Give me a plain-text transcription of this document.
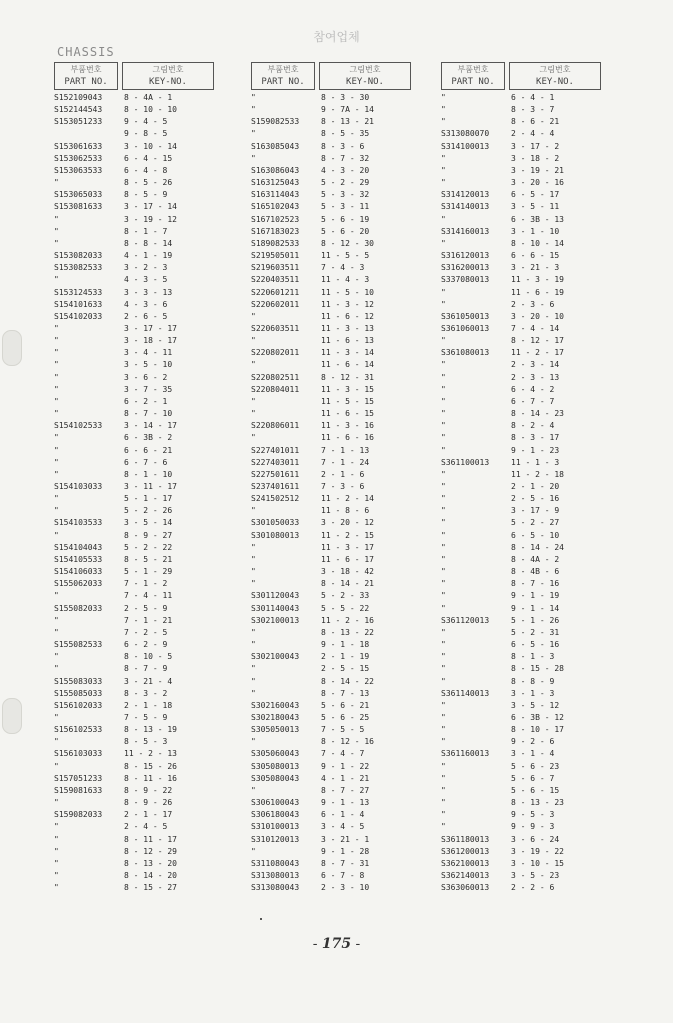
참여업체
CHASSIS
부품번호
PART NO.
그림번호
KEY-NO.
S152109043	8 - 4A - 1
S152144543	8 - 10 - 10
S153051233	9 - 4 - 5
9 - 8 - 5
S153061633	3 - 10 - 14
S153062533	6 - 4 - 15
S153063533	6 - 4 - 8
"	8 - 5 - 26
S153065033	8 - 5 - 9
S153081633	3 - 17 - 14
"	3 - 19 - 12
"	8 - 1 - 7
"	8 - 8 - 14
S153082033	4 - 1 - 19
S153082533	3 - 2 - 3
"	4 - 3 - 5
S153124533	3 - 3 - 13
S154101633	4 - 3 - 6
S154102033	2 - 6 - 5
"	3 - 17 - 17
"	3 - 18 - 17
"	3 - 4 - 11
"	3 - 5 - 10
"	3 - 6 - 2
"	3 - 7 - 35
"	6 - 2 - 1
"	8 - 7 - 10
S154102533	3 - 14 - 17
"	6 - 3B - 2
"	6 - 6 - 21
"	6 - 7 - 6
"	8 - 1 - 10
S154103033	3 - 11 - 17
"	5 - 1 - 17
"	5 - 2 - 26
S154103533	3 - 5 - 14
"	8 - 9 - 27
S154104043	5 - 2 - 22
S154105533	8 - 5 - 21
S154106033	5 - 1 - 29
S155062033	7 - 1 - 2
"	7 - 4 - 11
S155082033	2 - 5 - 9
"	7 - 1 - 21
"	7 - 2 - 5
S155082533	6 - 2 - 9
"	8 - 10 - 5
"	8 - 7 - 9
S155083033	3 - 21 - 4
S155085033	8 - 3 - 2
S156102033	2 - 1 - 18
"	7 - 5 - 9
S156102533	8 - 13 - 19
"	8 - 5 - 3
S156103033	11 - 2 - 13
"	8 - 15 - 26
S157051233	8 - 11 - 16
S159081633	8 - 9 - 22
"	8 - 9 - 26
S159082033	2 - 1 - 17
"	2 - 4 - 5
"	8 - 11 - 17
"	8 - 12 - 29
"	8 - 13 - 20
"	8 - 14 - 20
"	8 - 15 - 27
부품번호
PART NO.
그림번호
KEY-NO.
"	8 - 3 - 30
"	9 - 7A - 14
S159082533	8 - 13 - 21
"	8 - 5 - 35
S163085043	8 - 3 - 6
"	8 - 7 - 32
S163086043	4 - 3 - 20
S163125043	5 - 2 - 29
S163114043	5 - 3 - 32
S165102043	5 - 3 - 11
S167102523	5 - 6 - 19
S167183023	5 - 6 - 20
S189082533	8 - 12 - 30
S219505011	11 - 5 - 5
S219603511	7 - 4 - 3
S220403511	11 - 4 - 3
S220601211	11 - 5 - 10
S220602011	11 - 3 - 12
"	11 - 6 - 12
S220603511	11 - 3 - 13
"	11 - 6 - 13
S220802011	11 - 3 - 14
"	11 - 6 - 14
S220802511	8 - 12 - 31
S220804011	11 - 3 - 15
"	11 - 5 - 15
"	11 - 6 - 15
S220806011	11 - 3 - 16
"	11 - 6 - 16
S227401011	7 - 1 - 13
S227403011	7 - 1 - 24
S227501611	2 - 1 - 6
S237401611	7 - 3 - 6
S241502512	11 - 2 - 14
"	11 - 8 - 6
S301050033	3 - 20 - 12
S301080013	11 - 2 - 15
"	11 - 3 - 17
"	11 - 6 - 17
"	3 - 18 - 42
"	8 - 14 - 21
S301120043	5 - 2 - 33
S301140043	5 - 5 - 22
S302100013	11 - 2 - 16
"	8 - 13 - 22
"	9 - 1 - 18
S302100043	2 - 1 - 19
"	2 - 5 - 15
"	8 - 14 - 22
"	8 - 7 - 13
S302160043	5 - 6 - 21
S302180043	5 - 6 - 25
S305050013	7 - 5 - 5
"	8 - 12 - 16
S305060043	7 - 4 - 7
S305080013	9 - 1 - 22
S305080043	4 - 1 - 21
"	8 - 7 - 27
S306100043	9 - 1 - 13
S306180043	6 - 1 - 4
S310100013	3 - 4 - 5
S310120013	3 - 21 - 1
"	9 - 1 - 28
S311080043	8 - 7 - 31
S313080013	6 - 7 - 8
S313080043	2 - 3 - 10
부품번호
PART NO.
그림번호
KEY-NO.
"	6 - 4 - 1
"	8 - 3 - 7
"	8 - 6 - 21
S313080070	2 - 4 - 4
S314100013	3 - 17 - 2
"	3 - 18 - 2
"	3 - 19 - 21
"	3 - 20 - 16
S314120013	6 - 5 - 17
S314140013	3 - 5 - 11
"	6 - 3B - 13
S314160013	3 - 1 - 10
"	8 - 10 - 14
S316120013	6 - 6 - 15
S316200013	3 - 21 - 3
S337080013	11 - 3 - 19
"	11 - 6 - 19
"	2 - 3 - 6
S361050013	3 - 20 - 10
S361060013	7 - 4 - 14
"	8 - 12 - 17
S361080013	11 - 2 - 17
"	2 - 3 - 14
"	2 - 3 - 13
"	6 - 4 - 2
"	6 - 7 - 7
"	8 - 14 - 23
"	8 - 2 - 4
"	8 - 3 - 17
"	9 - 1 - 23
S361100013	11 - 1 - 3
"	11 - 2 - 18
"	2 - 1 - 20
"	2 - 5 - 16
"	3 - 17 - 9
"	5 - 2 - 27
"	6 - 5 - 10
"	8 - 14 - 24
"	8 - 4A - 2
"	8 - 4B - 6
"	8 - 7 - 16
"	9 - 1 - 19
"	9 - 1 - 14
S361120013	5 - 1 - 26
"	5 - 2 - 31
"	6 - 5 - 16
"	8 - 1 - 3
"	8 - 15 - 28
"	8 - 8 - 9
S361140013	3 - 1 - 3
"	3 - 5 - 12
"	6 - 3B - 12
"	8 - 10 - 17
"	9 - 2 - 6
S361160013	3 - 1 - 4
"	5 - 6 - 23
"	5 - 6 - 7
"	5 - 6 - 15
"	8 - 13 - 23
"	9 - 5 - 3
"	9 - 9 - 3
S361180013	3 - 6 - 24
S361200013	3 - 19 - 22
S362100013	3 - 10 - 15
S362140013	3 - 5 - 23
S363060013	2 - 2 - 6
- 175 -
